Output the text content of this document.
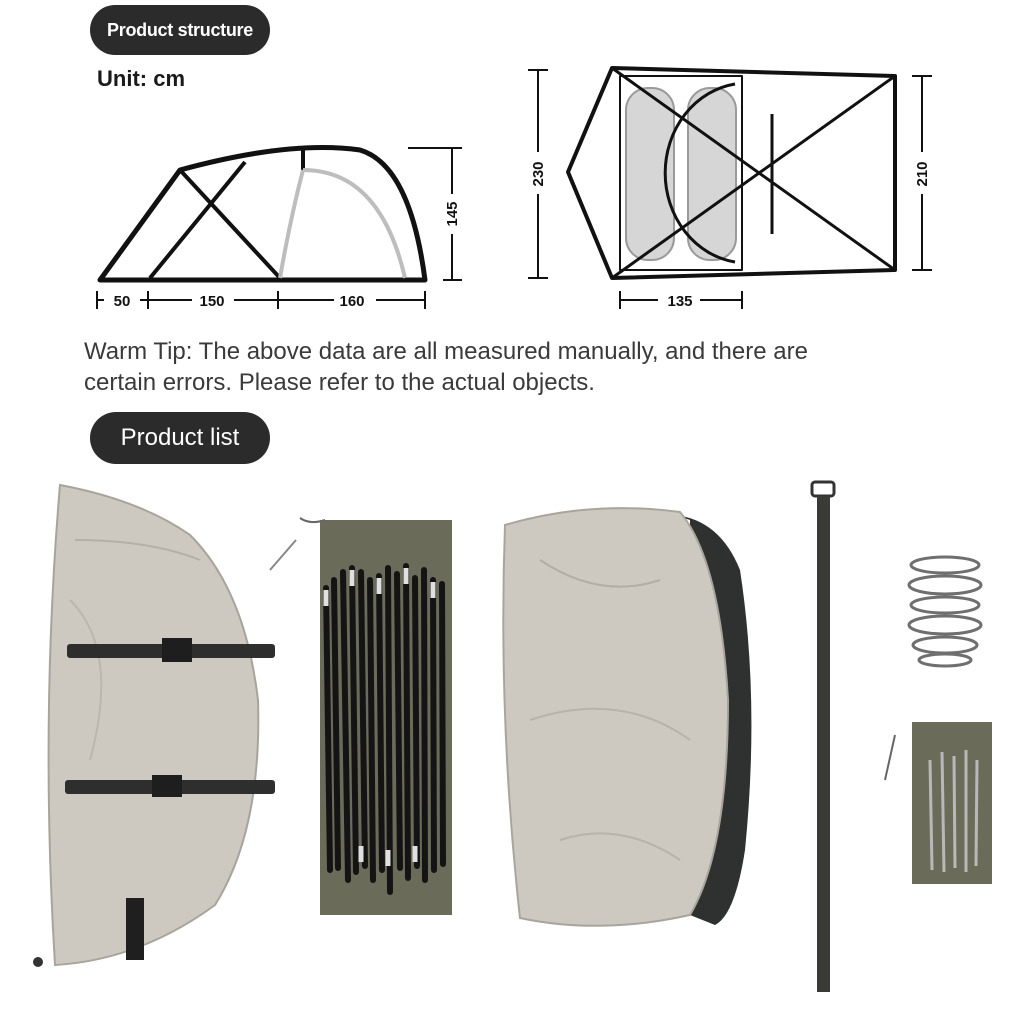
Product structure
Unit: cm
50	150	160
145
230	210
135
Warm Tip: The above data are all measured manually, and there are certain errors. Please refer to the actual objects.
Product list
